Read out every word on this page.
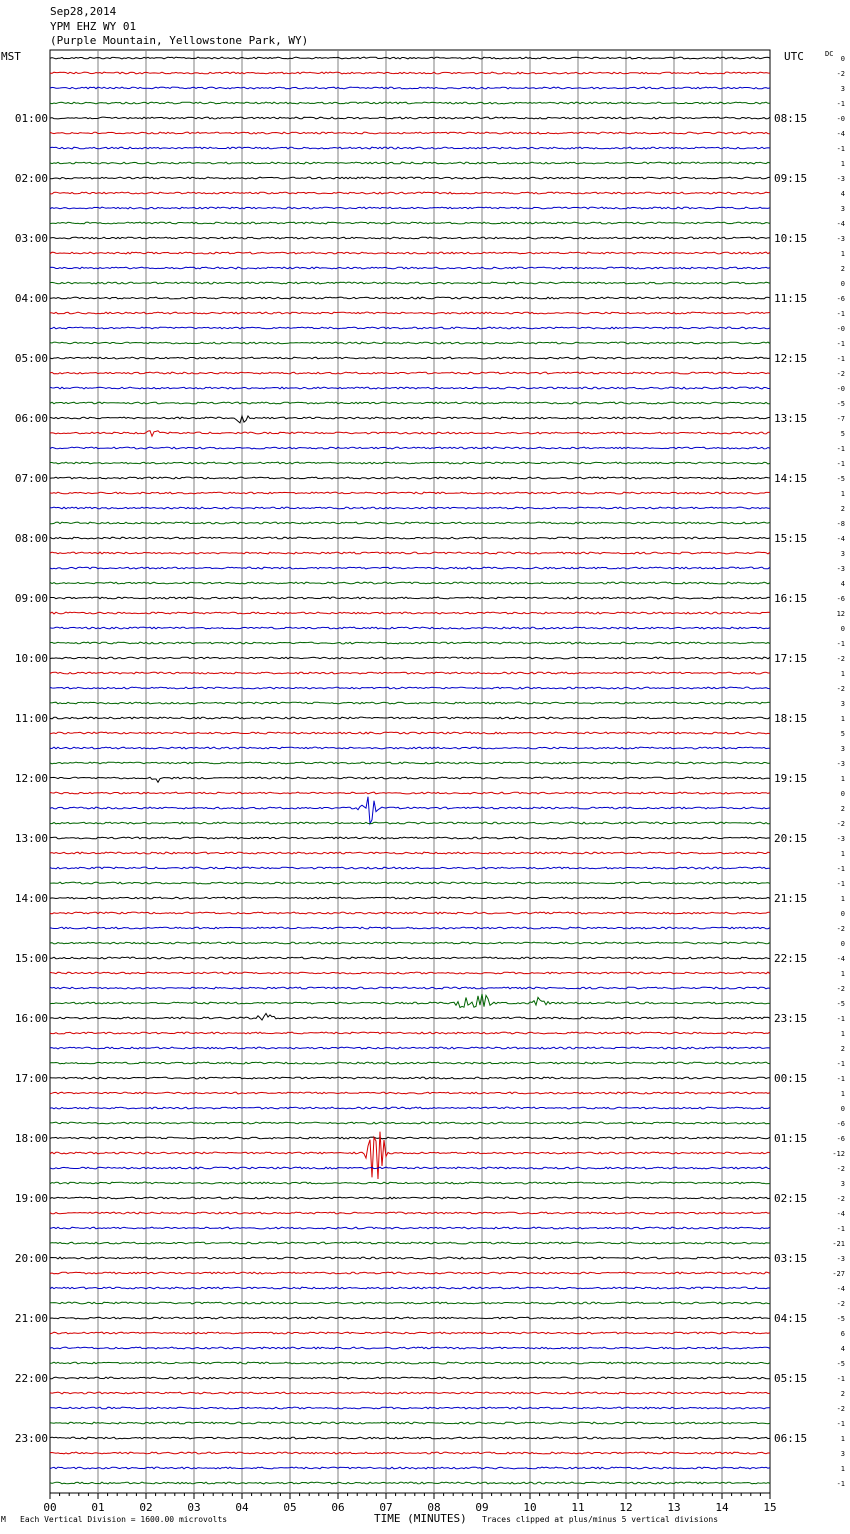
Sep28,2014
YPM EHZ WY 01
(Purple Mountain, Yellowstone Park, WY)
0
-2
3
-1
-0
-4
-1
1
-3
4
3
-4
-3
1
2
0
-6
-1
-0
-1
-1
-2
-0
-5
-7
5
-1
-1
-5
1
2
-8
-4
3
-3
4
-6
12
0
-1
-2
1
-2
3
1
5
3
-3
1
0
2
-2
-3
1
-1
-1
1
0
-2
0
-4
1
-2
-5
-1
1
2
-1
-1
1
0
-6
-6
-12
-2
3
-2
-4
-1
-21
-3
-27
-4
-2
-5
6
4
-5
-1
2
-2
-1
1
3
1
-1
MST	UTC	DC
01:00
02:00
03:00
04:00
05:00
06:00
07:00
08:00
09:00
10:00
11:00
12:00
13:00
14:00
15:00
16:00
17:00
18:00
19:00
20:00
21:00
22:00
23:00
08:15
09:15
10:15
11:15
12:15
13:15
14:15
15:15
16:15
17:15
18:15
19:15
20:15
21:15
22:15
23:15
00:15
01:15
02:15
03:15
04:15
05:15
06:15
00	01	02	03	04	05	06	07	08	09	10	11	12	13	14	15
M Each Vertical Division = 1600.00 microvolts	TIME (MINUTES) Traces clipped at plus/minus 5 vertical divisions
